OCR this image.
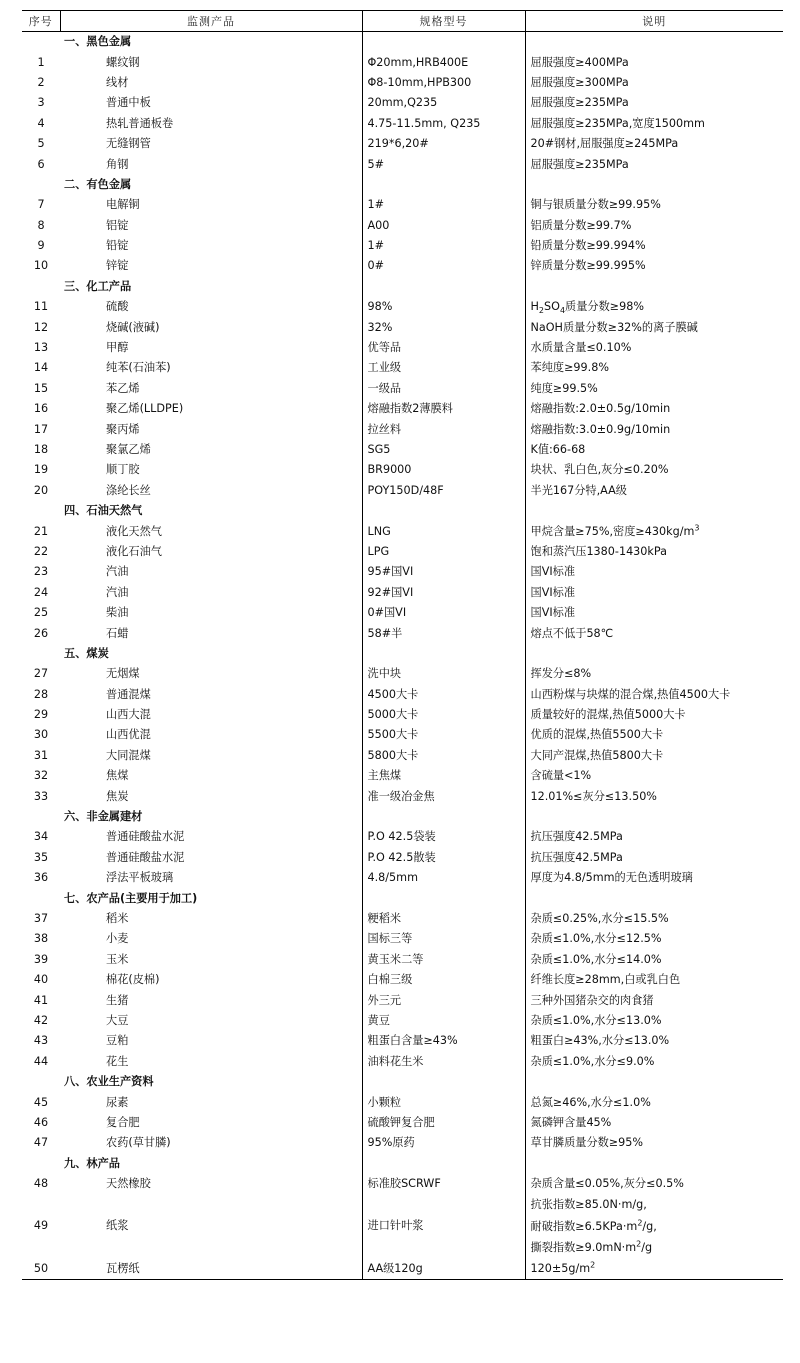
序号	监测产品	规格型号	说明
	一、黑色金属		
1	螺纹钢	Φ20mm,HRB400E	屈服强度≥400MPa
2	线材	Φ8-10mm,HPB300	屈服强度≥300MPa
3	普通中板	20mm,Q235	屈服强度≥235MPa
4	热轧普通板卷	4.75-11.5mm, Q235	屈服强度≥235MPa,宽度1500mm
5	无缝钢管	219*6,20#	20#钢材,屈服强度≥245MPa
6	角钢	5#	屈服强度≥235MPa
	二、有色金属		
7	电解铜	1#	铜与银质量分数≥99.95%
8	铝锭	A00	铝质量分数≥99.7%
9	铅锭	1#	铅质量分数≥99.994%
10	锌锭	0#	锌质量分数≥99.995%
	三、化工产品		
11	硫酸	98%	$H_2SO_4$质量分数≥98%
12	烧碱(液碱)	32%	NaOH质量分数≥32%的离子膜碱
13	甲醇	优等品	水质量含量≤0.10%
14	纯苯(石油苯)	工业级	苯纯度≥99.8%
15	苯乙烯	一级品	纯度≥99.5%
16	聚乙烯(LLDPE)	熔融指数2薄膜料	熔融指数:2.0±0.5g/10min
17	聚丙烯	拉丝料	熔融指数:3.0±0.9g/10min
18	聚氯乙烯	SG5	K值:66-68
19	顺丁胶	BR9000	块状、乳白色,灰分≤0.20%
20	涤纶长丝	POY150D/48F	半光167分特,AA级
	四、石油天然气		
21	液化天然气	LNG	甲烷含量≥75%,密度$\ge 430kg/m^3$
22	液化石油气	LPG	饱和蒸汽压1380-1430kPa
23	汽油	95#国VI	国VI标准
24	汽油	92#国VI	国VI标准
25	柴油	0#国VI	国VI标准
26	石蜡	58#半	熔点不低于58℃
	五、煤炭		
27	无烟煤	洗中块	挥发分≤8%
28	普通混煤	4500大卡	山西粉煤与块煤的混合煤,热值4500大卡
29	山西大混	5000大卡	质量较好的混煤,热值5000大卡
30	山西优混	5500大卡	优质的混煤,热值5500大卡
31	大同混煤	5800大卡	大同产混煤,热值5800大卡
32	焦煤	主焦煤	含硫量<1%
33	焦炭	准一级冶金焦	12.01%≤灰分≤13.50%
	六、非金属建材		
34	普通硅酸盐水泥	P.O 42.5袋装	抗压强度42.5MPa
35	普通硅酸盐水泥	P.O 42.5散装	抗压强度42.5MPa
36	浮法平板玻璃	4.8/5mm	厚度为4.8/5mm的无色透明玻璃
	七、农产品(主要用于加工)		
37	稻米	粳稻米	杂质≤0.25%,水分≤15.5%
38	小麦	国标三等	杂质≤1.0%,水分≤12.5%
39	玉米	黄玉米二等	杂质≤1.0%,水分≤14.0%
40	棉花(皮棉)	白棉三级	纤维长度≥28mm,白或乳白色
41	生猪	外三元	三种外国猪杂交的肉食猪
42	大豆	黄豆	杂质≤1.0%,水分≤13.0%
43	豆粕	粗蛋白含量≥43%	粗蛋白≥43%,水分≤13.0%
44	花生	油料花生米	杂质≤1.0%,水分≤9.0%
	八、农业生产资料		
45	尿素	小颗粒	总氮≥46%,水分≤1.0%
46	复合肥	硫酸钾复合肥	氮磷钾含量45%
47	农药(草甘膦)	95%原药	草甘膦质量分数≥95%
	九、林产品		
48	天然橡胶	标准胶SCRWF	杂质含量≤0.05%,灰分≤0.5%
49	纸浆	进口针叶浆	抗张指数≥85.0N·m/g,
耐破指数$\ge 6.5KPa\cdot m^2/g$,
撕裂指数$\ge 9.0mN\cdot m^2/g$

50	瓦楞纸	AA级120g	$120\pm 5g/m^2$
